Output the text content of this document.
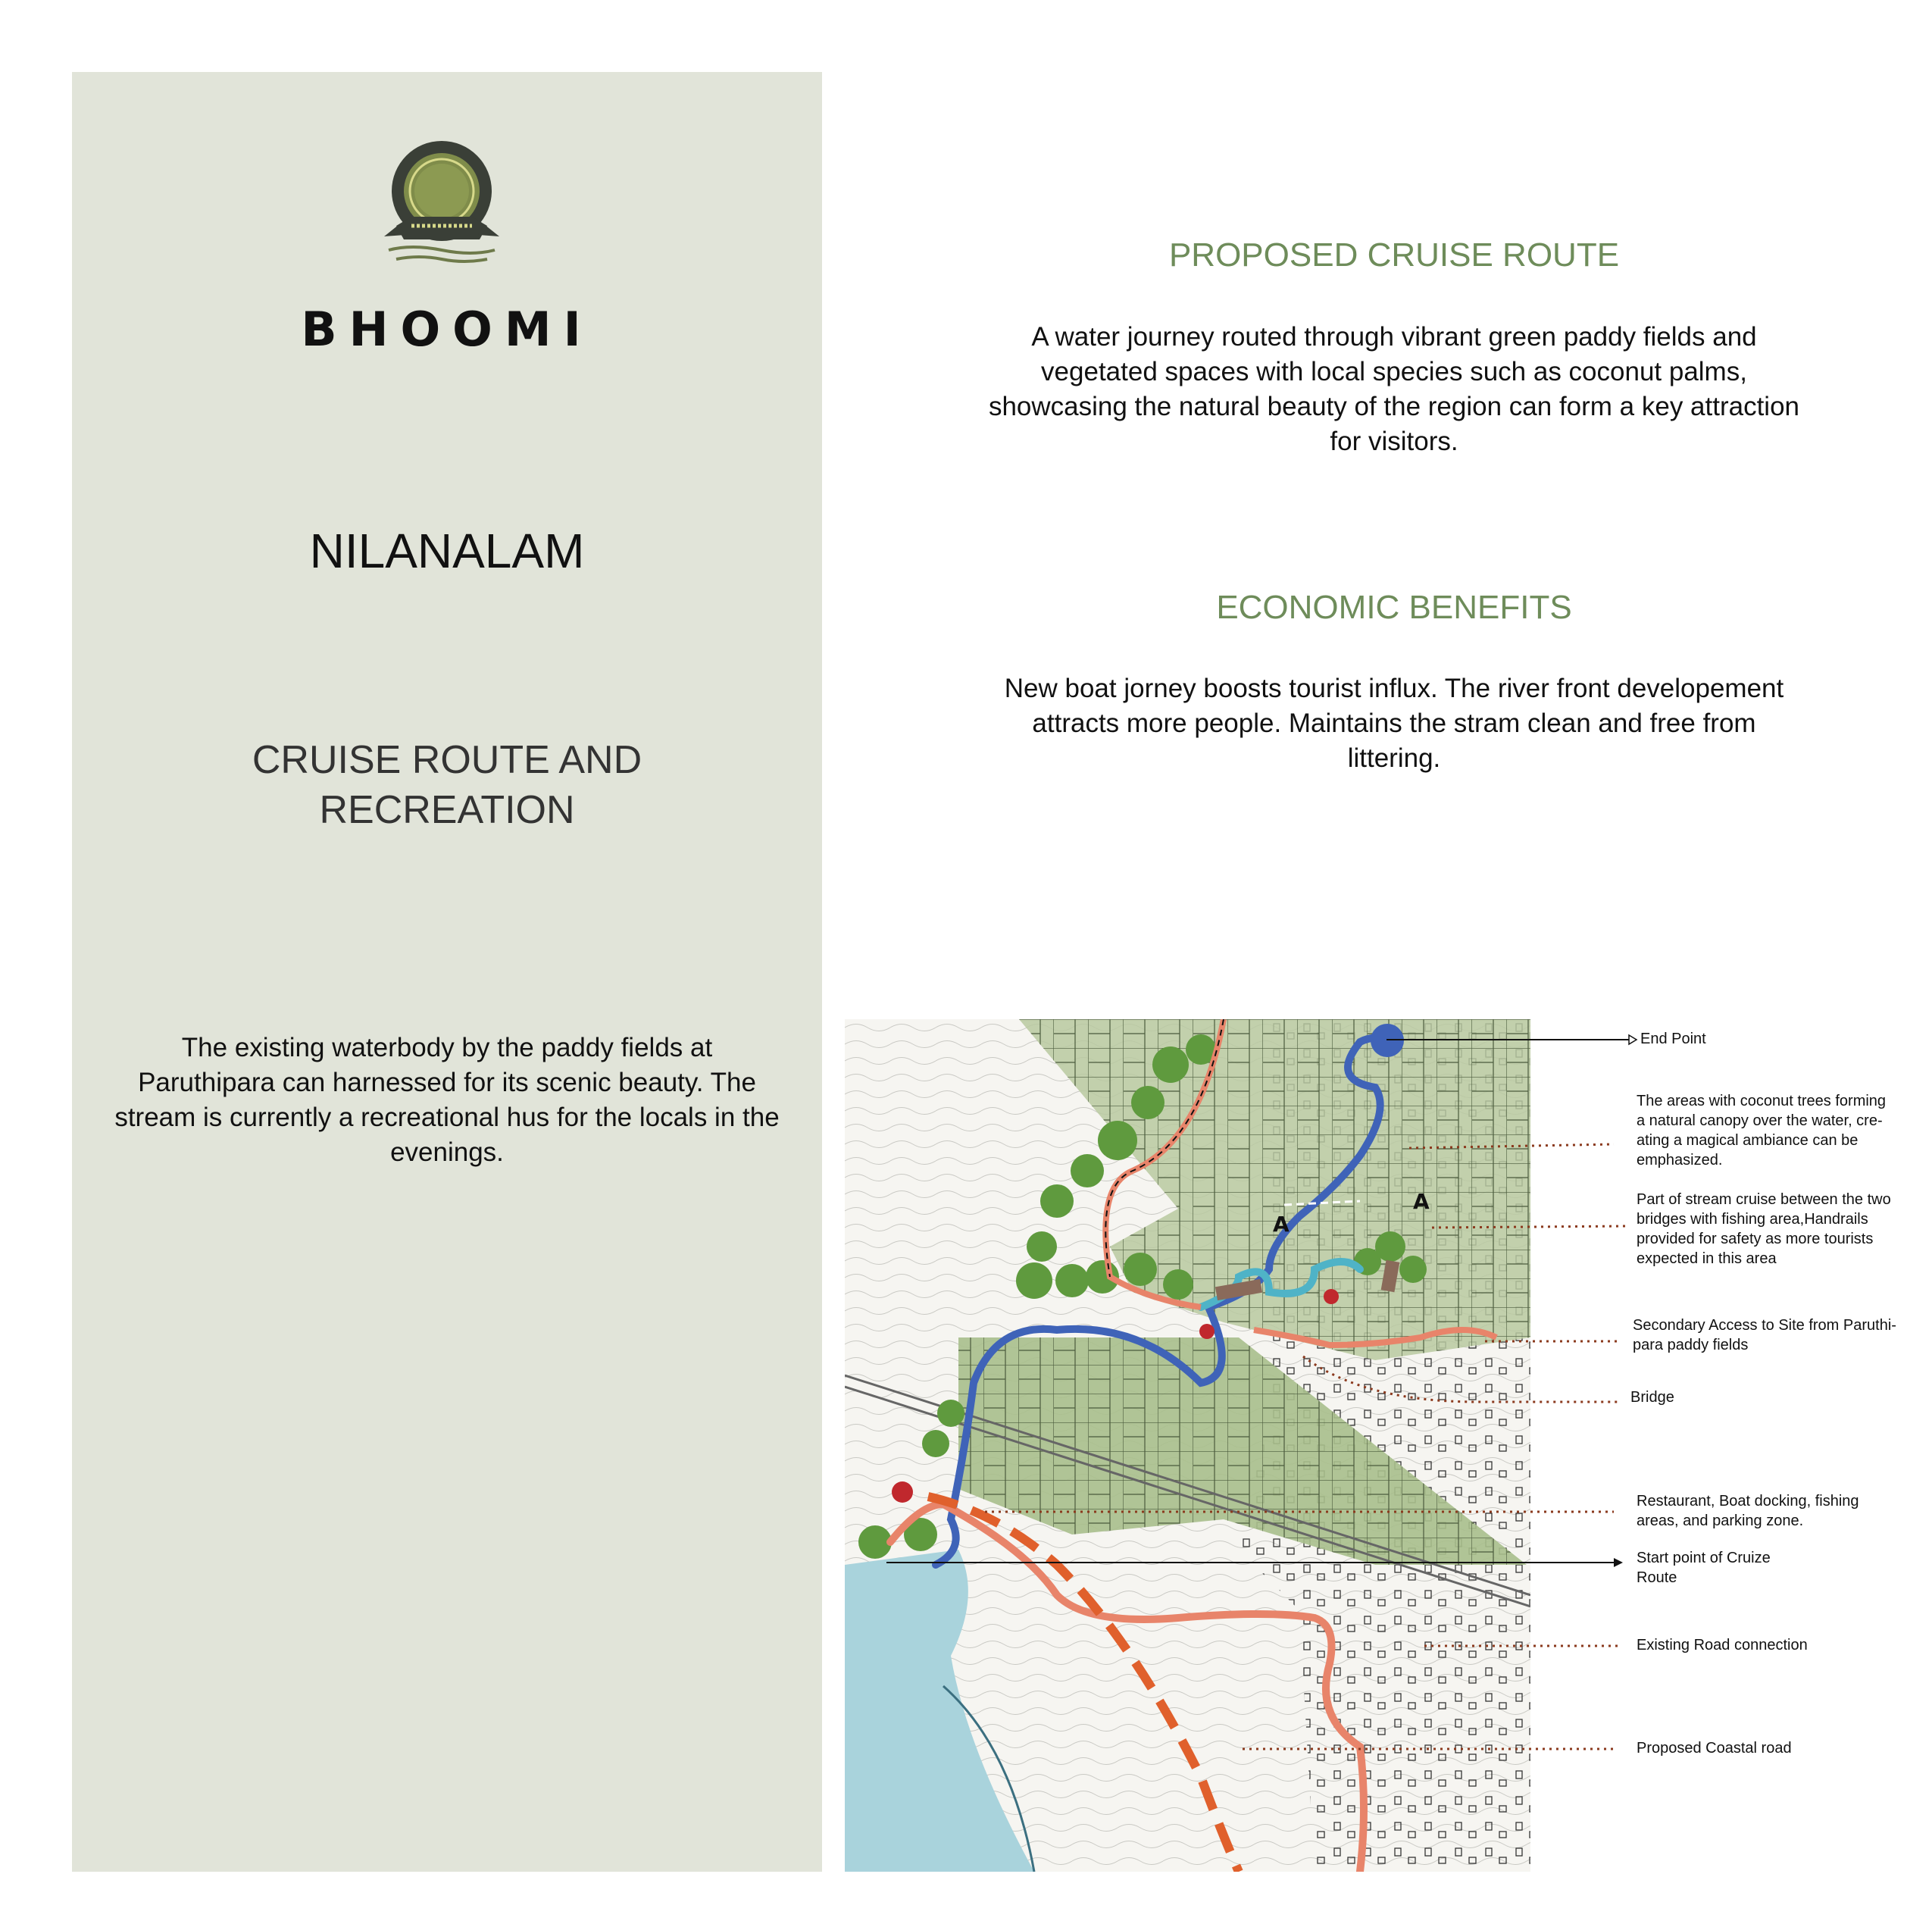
BHOOMI
NILANALAM
CRUISE ROUTE AND
RECREATION
The existing waterbody by the paddy fields at Paruthipara can harnessed for its scenic beauty. The stream is currently a recreational hus for the locals in the evenings.
PROPOSED CRUISE ROUTE
A water journey routed through vibrant green paddy fields and vegetated spaces with local species such as coconut palms, showcasing the natural beauty of the region can form a key attraction for visitors.
ECONOMIC BENEFITS
New boat jorney boosts tourist influx. The river front developement attracts more people. Maintains the stram clean and free from littering.
A
A
End Point
The areas with coconut trees forming
a natural canopy over the water, cre-
ating a magical ambiance can be
emphasized.
Part of stream cruise between the two
bridges with fishing area,Handrails
provided for safety as more tourists
expected in this area
Secondary Access to Site from Paruthi-
para paddy fields
Bridge
Restaurant, Boat docking, fishing
areas, and parking zone.
Start point of Cruize
Route
Existing Road connection
Proposed Coastal road
